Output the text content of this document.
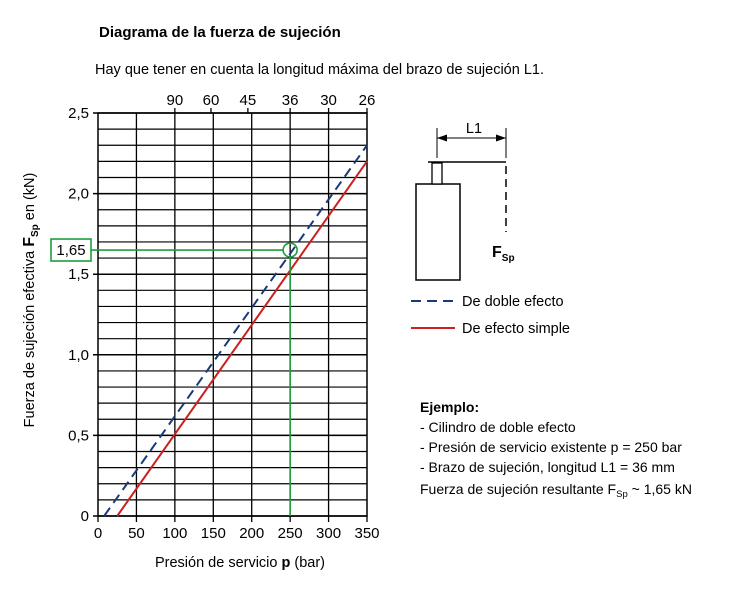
Diagrama de la fuerza de sujeción
Hay que tener en cuenta la longitud máxima del brazo de sujeción L1.
0 50 100 150 200 250 300 350
0
0,5
1,0
1,5
2,0
2,5
90 60 45 36 30 26
1,65
Presión de servicio p (bar)
Fuerza de sujeción efectiva $F_{Sp}$ en (kN)
L1
$F_{Sp}$
De doble efecto
De efecto simple
Ejemplo:
- Cilindro de doble efecto
- Presión de servicio existente p = 250 bar
- Brazo de sujeción, longitud L1 = 36 mm
Fuerza de sujeción resultante $F_{Sp}$ ~ 1,65 kN
